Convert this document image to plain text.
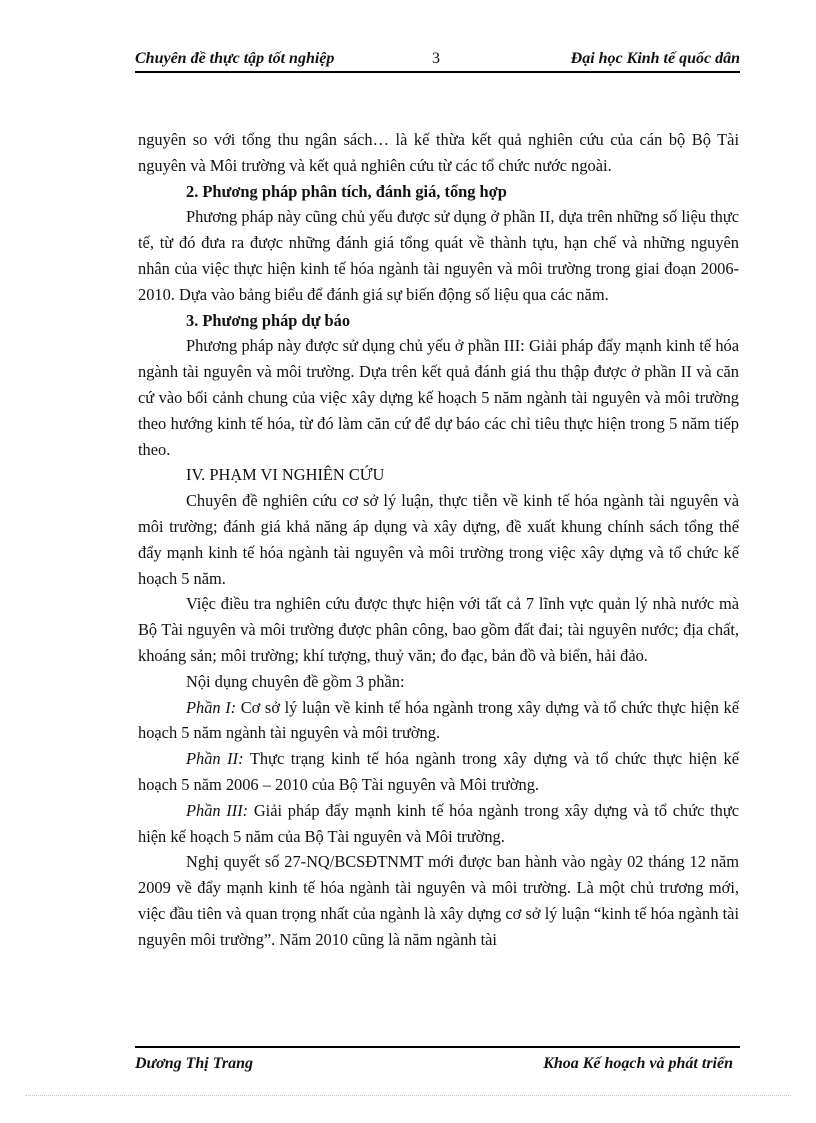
Chuyên đề thực tập tốt nghiệp	3	Đại học Kinh tế quốc dân

nguyên so với tổng thu ngân sách… là kế thừa kết quả nghiên cứu của cán bộ Bộ Tài nguyên và Môi trường và kết quả nghiên cứu từ các tổ chức nước ngoài.

2. Phương pháp phân tích, đánh giá, tổng hợp

Phương pháp này cũng chủ yếu được sử dụng ở phần II, dựa trên những số liệu thực tế, từ đó đưa ra được những đánh giá tổng quát về thành tựu, hạn chế và những nguyên nhân của việc thực hiện kinh tế hóa ngành tài nguyên và môi trường trong giai đoạn 2006-2010. Dựa vào bảng biểu để đánh giá sự biến động số liệu qua các năm.

3. Phương pháp dự báo

Phương pháp này được sử dụng chủ yếu ở phần III: Giải pháp đẩy mạnh kinh tế hóa ngành tài nguyên và môi trường. Dựa trên kết quả đánh giá thu thập được ở phần II và căn cứ vào bối cảnh chung của việc xây dựng kế hoạch 5 năm ngành tài nguyên và môi trường theo hướng kinh tế hóa, từ đó làm căn cứ để dự báo các chỉ tiêu thực hiện trong 5 năm tiếp theo.

IV. PHẠM VI NGHIÊN CỨU

Chuyên đề nghiên cứu cơ sở lý luận, thực tiễn về kinh tế hóa ngành tài nguyên và môi trường; đánh giá khả năng áp dụng và xây dựng, đề xuất khung chính sách tổng thể đẩy mạnh kinh tế hóa ngành tài nguyên và môi trường trong việc xây dựng và tổ chức kế hoạch 5 năm.

Việc điều tra nghiên cứu được thực hiện với tất cả 7 lĩnh vực quản lý nhà nước mà Bộ Tài nguyên và môi trường được phân công, bao gồm đất đai; tài nguyên nước; địa chất, khoáng sản; môi trường; khí tượng, thuỷ văn; đo đạc, bản đồ và biển, hải đảo.

Nội dụng chuyên đề gồm 3 phần:

Phần I: Cơ sở lý luận về kinh tế hóa ngành trong xây dựng và tổ chức thực hiện kế hoạch 5 năm ngành tài nguyên và môi trường.

Phần II: Thực trạng kinh tế hóa ngành trong xây dựng và tổ chức thực hiện kế hoạch 5 năm 2006 – 2010 của Bộ Tài nguyên và Môi trường.

Phần III: Giải pháp đẩy mạnh kinh tế hóa ngành trong xây dựng và tổ chức thực hiện kế hoạch 5 năm của Bộ Tài nguyên và Môi trường.

Nghị quyết số 27-NQ/BCSĐTNMT mới được ban hành vào ngày 02 tháng 12 năm 2009 về đẩy mạnh kinh tế hóa ngành tài nguyên và môi trường. Là một chủ trương mới, việc đầu tiên và quan trọng nhất của ngành là xây dựng cơ sở lý luận “kinh tế hóa ngành tài nguyên môi trường”. Năm 2010 cũng là năm ngành tài

Dương Thị Trang	Khoa Kế hoạch và phát triển
